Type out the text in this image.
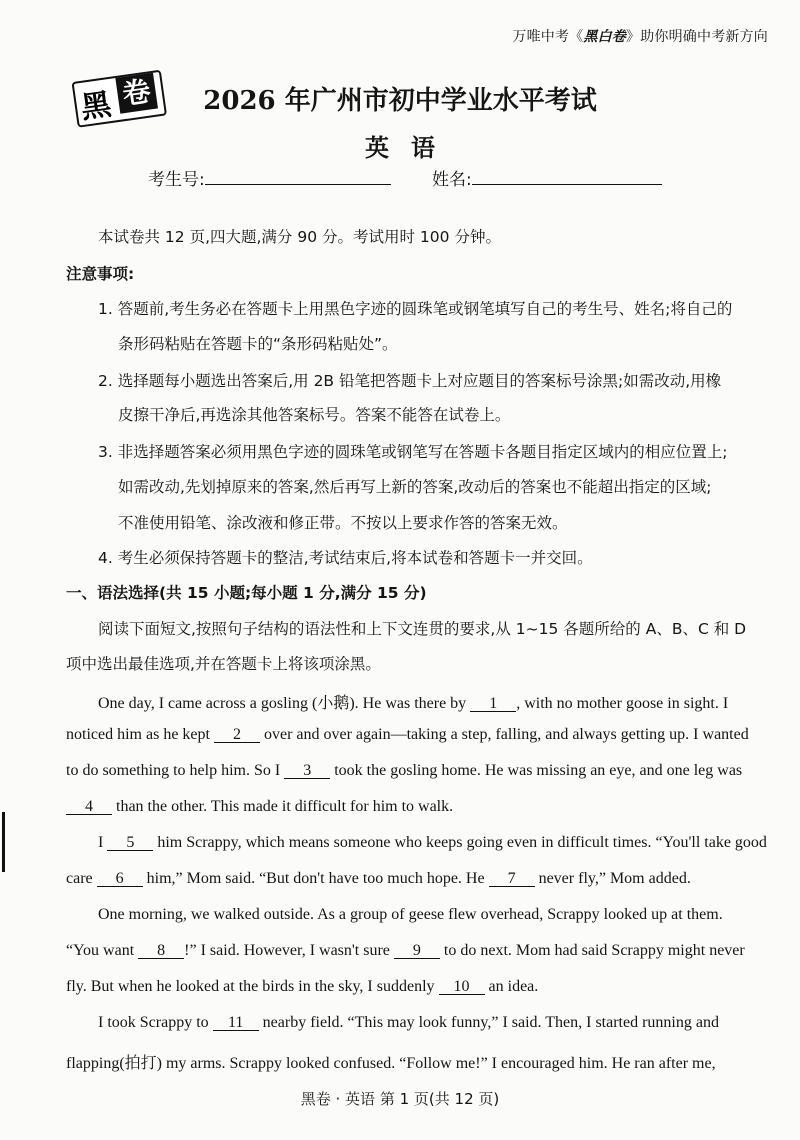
万唯中考《黑白卷》助你明确中考新方向
黑 卷	2026 年广州市初中学业水平考试
英语
考生号:	姓名:
本试卷共 12 页,四大题,满分 90 分。考试用时 100 分钟。
注意事项:
1. 答题前,考生务必在答题卡上用黑色字迹的圆珠笔或钢笔填写自己的考生号、姓名;将自己的
条形码粘贴在答题卡的“条形码粘贴处”。
2. 选择题每小题选出答案后,用 2B 铅笔把答题卡上对应题目的答案标号涂黑;如需改动,用橡
皮擦干净后,再选涂其他答案标号。答案不能答在试卷上。
3. 非选择题答案必须用黑色字迹的圆珠笔或钢笔写在答题卡各题目指定区域内的相应位置上;
如需改动,先划掉原来的答案,然后再写上新的答案,改动后的答案也不能超出指定的区域;
不准使用铅笔、涂改液和修正带。不按以上要求作答的答案无效。
4. 考生必须保持答题卡的整洁,考试结束后,将本试卷和答题卡一并交回。
一、语法选择(共 15 小题;每小题 1 分,满分 15 分)
阅读下面短文,按照句子结构的语法性和上下文连贯的要求,从 1~15 各题所给的 A、B、C 和 D
项中选出最佳选项,并在答题卡上将该项涂黑。
One day, I came across a gosling (小鹅). He was there by 1 , with no mother goose in sight. I
noticed him as he kept 2 over and over again—taking a step, falling, and always getting up. I wanted
to do something to help him. So I 3 took the gosling home. He was missing an eye, and one leg was
4 than the other. This made it difficult for him to walk.
I 5 him Scrappy, which means someone who keeps going even in difficult times. “You'll take good
care 6 him,” Mom said. “But don't have too much hope. He 7 never fly,” Mom added.
One morning, we walked outside. As a group of geese flew overhead, Scrappy looked up at them.
“You want 8 !” I said. However, I wasn't sure 9 to do next. Mom had said Scrappy might never
fly. But when he looked at the birds in the sky, I suddenly 10 an idea.
I took Scrappy to 11 nearby field. “This may look funny,” I said. Then, I started running and
flapping(拍打) my arms. Scrappy looked confused. “Follow me!” I encouraged him. He ran after me,
黑卷 · 英语 第 1 页(共 12 页)
